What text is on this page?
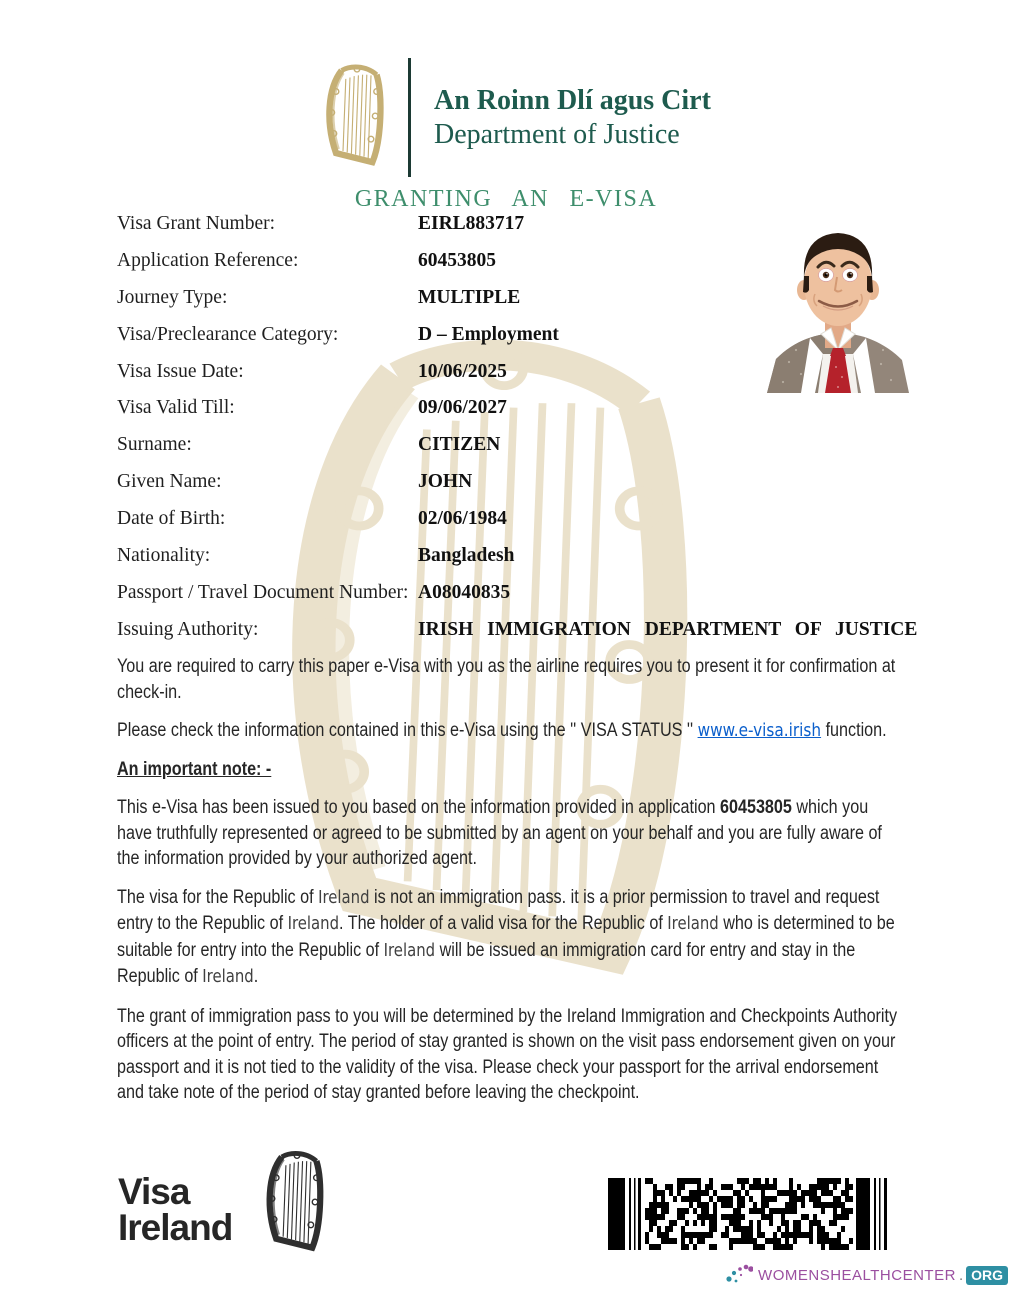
An Roinn Dlí agus Cirt
Department of Justice
GRANTING AN E-VISA
Visa Grant Number:	EIRL883717
Application Reference:	60453805
Journey Type:	MULTIPLE
Visa/Preclearance Category:	D – Employment
Visa Issue Date:	10/06/2025
Visa Valid Till:	09/06/2027
Surname:	CITIZEN
Given Name:	JOHN
Date of Birth:	02/06/1984
Nationality:	Bangladesh
Passport / Travel Document Number: A08040835
Issuing Authority:	IRISH IMMIGRATION DEPARTMENT OF JUSTICE

You are required to carry this paper e-Visa with you as the airline requires you to present it for confirmation at check-in.

Please check the information contained in this e-Visa using the '' VISA STATUS '' www.e-visa.irish function.

An important note: -

This e-Visa has been issued to you based on the information provided in application 60453805 which you have truthfully represented or agreed to be submitted by an agent on your behalf and you are fully aware of the information provided by your authorized agent.

The visa for the Republic of Ireland is not an immigration pass. it is a prior permission to travel and request entry to the Republic of Ireland. The holder of a valid visa for the Republic of Ireland who is determined to be suitable for entry into the Republic of Ireland will be issued an immigration card for entry and stay in the Republic of Ireland.

The grant of immigration pass to you will be determined by the Ireland Immigration and Checkpoints Authority officers at the point of entry. The period of stay granted is shown on the visit pass endorsement given on your passport and it is not tied to the validity of the visa. Please check your passport for the arrival endorsement and take note of the period of stay granted before leaving the checkpoint.

Visa
Ireland
WOMENSHEALTHCENTER . ORG
